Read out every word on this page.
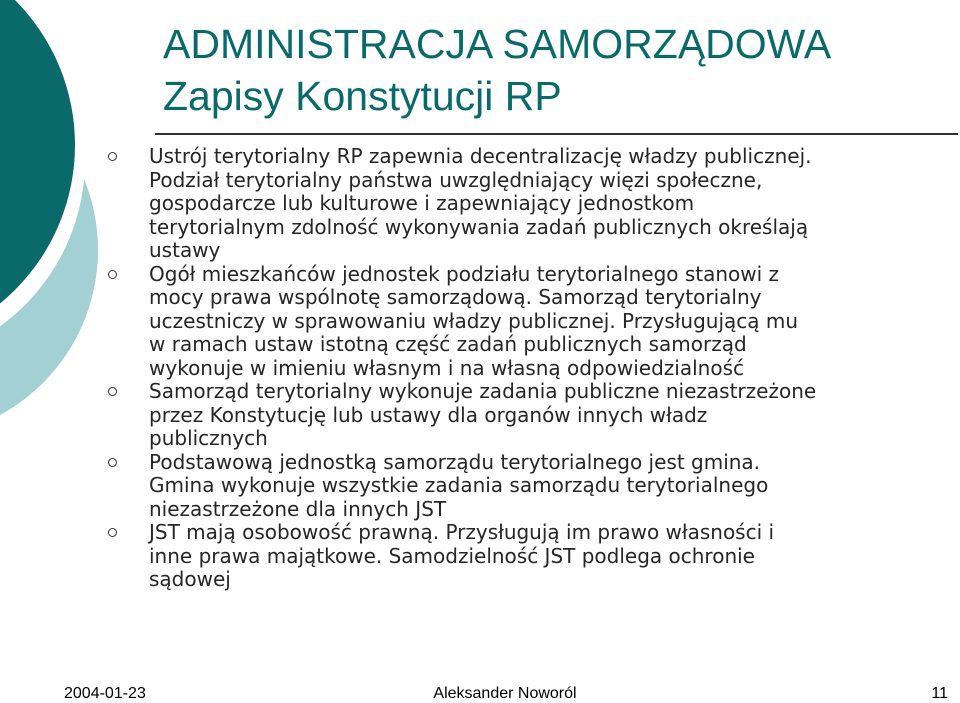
ADMINISTRACJA SAMORZĄDOWA
Zapisy Konstytucji RP
Ustrój terytorialny RP zapewnia decentralizację władzy publicznej.
Podział terytorialny państwa uwzględniający więzi społeczne,
gospodarcze lub kulturowe i zapewniający jednostkom
terytorialnym zdolność wykonywania zadań publicznych określają
ustawy
Ogół mieszkańców jednostek podziału terytorialnego stanowi z
mocy prawa wspólnotę samorządową. Samorząd terytorialny
uczestniczy w sprawowaniu władzy publicznej. Przysługującą mu
w ramach ustaw istotną część zadań publicznych samorząd
wykonuje w imieniu własnym i na własną odpowiedzialność
Samorząd terytorialny wykonuje zadania publiczne niezastrzeżone
przez Konstytucję lub ustawy dla organów innych władz
publicznych
Podstawową jednostką samorządu terytorialnego jest gmina.
Gmina wykonuje wszystkie zadania samorządu terytorialnego
niezastrzeżone dla innych JST
JST mają osobowość prawną. Przysługują im prawo własności i
inne prawa majątkowe. Samodzielność JST podlega ochronie
sądowej
2004-01-23	Aleksander Noworól	11
